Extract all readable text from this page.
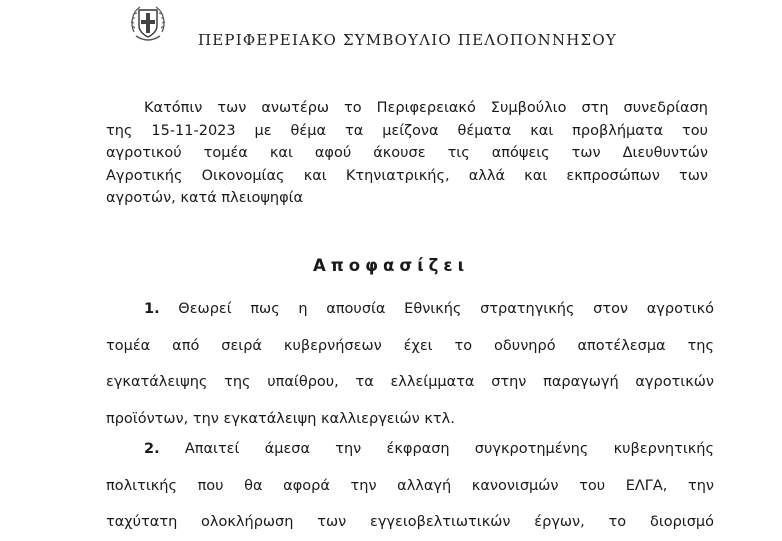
ΠΕΡΙΦΕΡΕΙΑΚΟ ΣΥΜΒΟΥΛΙΟ ΠΕΛΟΠΟΝΝΗΣΟΥ
Κατόπιν των ανωτέρω το Περιφερειακό Συμβούλιο στη συνεδρίαση
της 15-11-2023 με θέμα τα μείζονα θέματα και προβλήματα του
αγροτικού τομέα και αφού άκουσε τις απόψεις των Διευθυντών
Αγροτικής Οικονομίας και Κτηνιατρικής, αλλά και εκπροσώπων των
αγροτών, κατά πλειοψηφία
Αποφασίζει
1. Θεωρεί πως η απουσία Εθνικής στρατηγικής στον αγροτικό
τομέα από σειρά κυβερνήσεων έχει το οδυνηρό αποτέλεσμα της
εγκατάλειψης της υπαίθρου, τα ελλείμματα στην παραγωγή αγροτικών
προϊόντων, την εγκατάλειψη καλλιεργειών κτλ.
2. Απαιτεί άμεσα την έκφραση συγκροτημένης κυβερνητικής
πολιτικής που θα αφορά την αλλαγή κανονισμών του ΕΛΓΑ, την
ταχύτατη ολοκλήρωση των εγγειοβελτιωτικών έργων, το διορισμό
